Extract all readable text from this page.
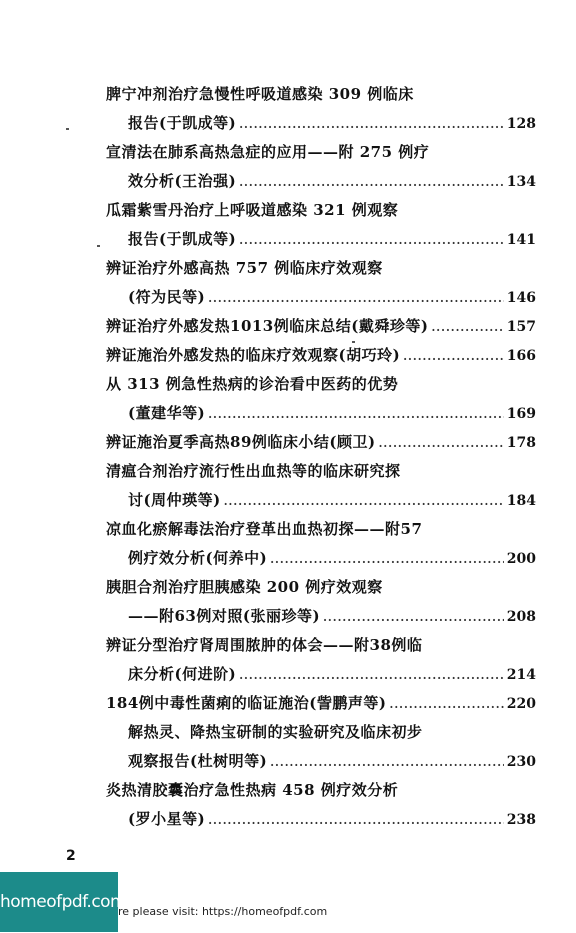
脾宁冲剂治疗急慢性呼吸道感染 309 例临床
报告(于凯成等) .....	128
宣清法在肺系高热急症的应用——附 275 例疗
效分析(王治强) .....	134
瓜霜紫雪丹治疗上呼吸道感染 321 例观察
报告(于凯成等) .....	141
辨证治疗外感高热 757 例临床疗效观察
(符为民等) .....	146
辨证治疗外感发热1013例临床总结(戴舜珍等) .....	157
辨证施治外感发热的临床疗效观察(胡巧玲) .....	166
从 313 例急性热病的诊治看中医药的优势
(董建华等) .....	169
辨证施治夏季高热89例临床小结(顾卫) .....	178
清瘟合剂治疗流行性出血热等的临床研究探
讨(周仲瑛等) .....	184
凉血化瘀解毒法治疗登革出血热初探——附57
例疗效分析(何养中) .....	200
胰胆合剂治疗胆胰感染 200 例疗效观察
——附63例对照(张丽珍等) .....	208
辨证分型治疗肾周围脓肿的体会——附38例临
床分析(何进阶) .....	214
184例中毒性菌痢的临证施治(訾鹏声等) .....	220
解热灵、降热宝研制的实验研究及临床初步
观察报告(杜树明等) .....	230
炎热清胶囊治疗急性热病 458 例疗效分析
(罗小星等) .....	238
2
homeofpdf.com
re please visit: https://homeofpdf.com
